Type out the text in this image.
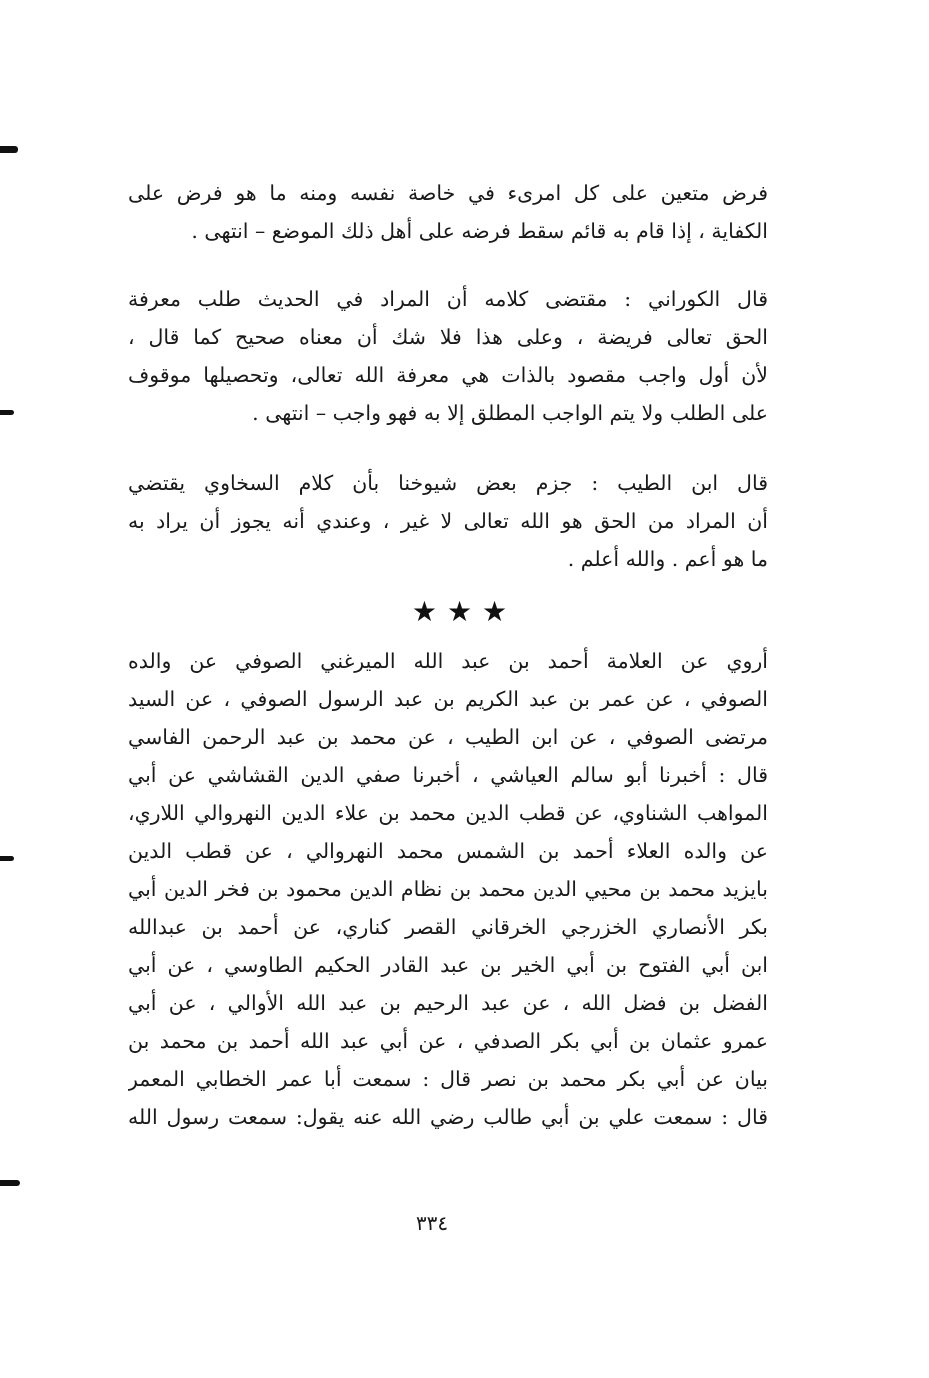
فرض متعين على كل امرىء في خاصة نفسه ومنه ما هو فرض على
الكفاية ، إذا قام به قائم سقط فرضه على أهل ذلك الموضع – انتهى .
قال الكوراني : مقتضى كلامه أن المراد في الحديث طلب معرفة
الحق تعالى فريضة ، وعلى هذا فلا شك أن معناه صحيح كما قال ،
لأن أول واجب مقصود بالذات هي معرفة الله تعالى، وتحصيلها موقوف
على الطلب ولا يتم الواجب المطلق إلا به فهو واجب – انتهى .
قال ابن الطيب : جزم بعض شيوخنا بأن كلام السخاوي يقتضي
أن المراد من الحق هو الله تعالى لا غير ، وعندي أنه يجوز أن يراد به
ما هو أعم . والله أعلم .
★★★
أروي عن العلامة أحمد بن عبد الله الميرغني الصوفي عن والده
الصوفي ، عن عمر بن عبد الكريم بن عبد الرسول الصوفي ، عن السيد
مرتضى الصوفي ، عن ابن الطيب ، عن محمد بن عبد الرحمن الفاسي
قال : أخبرنا أبو سالم العياشي ، أخبرنا صفي الدين القشاشي عن أبي
المواهب الشناوي، عن قطب الدين محمد بن علاء الدين النهروالي اللاري،
عن والده العلاء أحمد بن الشمس محمد النهروالي ، عن قطب الدين
بايزيد محمد بن محيي الدين محمد بن نظام الدين محمود بن فخر الدين أبي
بكر الأنصاري الخزرجي الخرقاني القصر كناري، عن أحمد بن عبدالله
ابن أبي الفتوح بن أبي الخير بن عبد القادر الحكيم الطاوسي ، عن أبي
الفضل بن فضل الله ، عن عبد الرحيم بن عبد الله الأوالي ، عن أبي
عمرو عثمان بن أبي بكر الصدفي ، عن أبي عبد الله أحمد بن محمد بن
بيان عن أبي بكر محمد بن نصر قال : سمعت أبا عمر الخطابي المعمر
قال : سمعت علي بن أبي طالب رضي الله عنه يقول: سمعت رسول الله
٣٣٤
